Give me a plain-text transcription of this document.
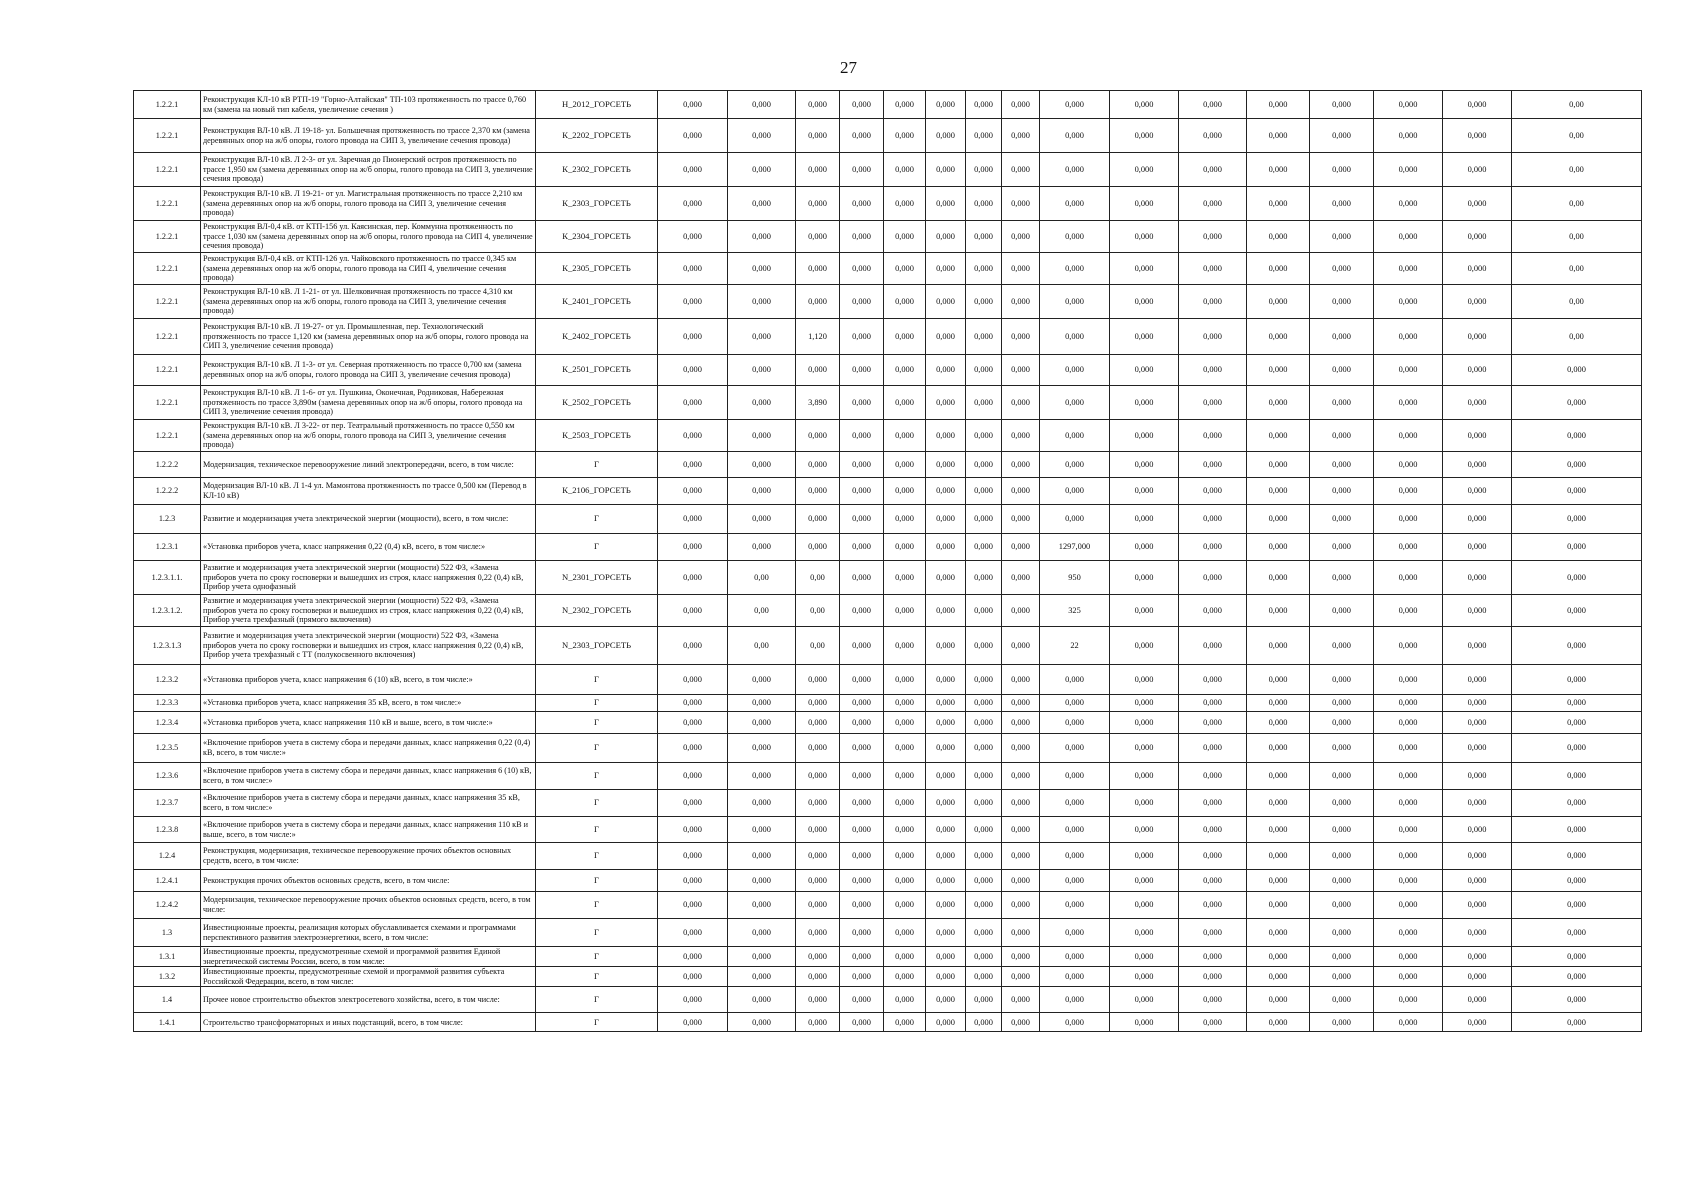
27
1.2.2.1	Реконструкция КЛ-10 кВ РТП-19 "Горно-Алтайская" ТП-103 протяженность по трассе 0,760 км (замена на новый тип кабеля, увеличение сечения )	Н_2012_ГОРСЕТЬ	0,000	0,000	0,000	0,000	0,000	0,000	0,000	0,000	0,000	0,000	0,000	0,000	0,000	0,000	0,000	0,00
1.2.2.1	Реконструкция ВЛ-10 кВ. Л 19-18- ул. Большечная протяженность по трассе 2,370 км (замена деревянных опор на ж/б опоры, голого провода на СИП 3, увеличение сечения провода)	К_2202_ГОРСЕТЬ	0,000	0,000	0,000	0,000	0,000	0,000	0,000	0,000	0,000	0,000	0,000	0,000	0,000	0,000	0,000	0,00
1.2.2.1	Реконструкция ВЛ-10 кВ. Л 2-3- от ул. Заречная до Пионерский остров протяженность по трассе 1,950 км (замена деревянных опор на ж/б опоры, голого провода на СИП 3, увеличение сечения провода)	К_2302_ГОРСЕТЬ	0,000	0,000	0,000	0,000	0,000	0,000	0,000	0,000	0,000	0,000	0,000	0,000	0,000	0,000	0,000	0,00
1.2.2.1	Реконструкция ВЛ-10 кВ. Л 19-21- от ул. Магистральная протяженность по трассе 2,210 км (замена деревянных опор на ж/б опоры, голого провода на СИП 3, увеличение сечения провода)	К_2303_ГОРСЕТЬ	0,000	0,000	0,000	0,000	0,000	0,000	0,000	0,000	0,000	0,000	0,000	0,000	0,000	0,000	0,000	0,00
1.2.2.1	Реконструкция ВЛ-0,4 кВ. от КТП-156 ул. Каясинская, пер. Коммунна протяженность по трассе 1,030 км (замена деревянных опор на ж/б опоры, голого провода на СИП 4, увеличение сечения провода)	К_2304_ГОРСЕТЬ	0,000	0,000	0,000	0,000	0,000	0,000	0,000	0,000	0,000	0,000	0,000	0,000	0,000	0,000	0,000	0,00
1.2.2.1	Реконструкция ВЛ-0,4 кВ. от КТП-126 ул. Чайковского протяженность по трассе 0,345 км (замена деревянных опор на ж/б опоры, голого провода на СИП 4, увеличение сечения провода)	К_2305_ГОРСЕТЬ	0,000	0,000	0,000	0,000	0,000	0,000	0,000	0,000	0,000	0,000	0,000	0,000	0,000	0,000	0,000	0,00
1.2.2.1	Реконструкция ВЛ-10 кВ. Л 1-21- от ул. Шелковичная протяженность по трассе 4,310 км (замена деревянных опор на ж/б опоры, голого провода на СИП 3, увеличение сечения провода)	К_2401_ГОРСЕТЬ	0,000	0,000	0,000	0,000	0,000	0,000	0,000	0,000	0,000	0,000	0,000	0,000	0,000	0,000	0,000	0,00
1.2.2.1	Реконструкция ВЛ-10 кВ. Л 19-27- от ул. Промышленная, пер. Технологический протяженность по трассе 1,120 км (замена деревянных опор на ж/б опоры, голого провода на СИП 3, увеличение сечения провода)	К_2402_ГОРСЕТЬ	0,000	0,000	1,120	0,000	0,000	0,000	0,000	0,000	0,000	0,000	0,000	0,000	0,000	0,000	0,000	0,00
1.2.2.1	Реконструкция ВЛ-10 кВ. Л 1-3- от ул. Северная протяженность по трассе 0,700 км (замена деревянных опор на ж/б опоры, голого провода на СИП 3, увеличение сечения провода)	К_2501_ГОРСЕТЬ	0,000	0,000	0,000	0,000	0,000	0,000	0,000	0,000	0,000	0,000	0,000	0,000	0,000	0,000	0,000	0,000
1.2.2.1	Реконструкция ВЛ-10 кВ. Л 1-6- от ул. Пушкина, Оконечная, Родниковая, Набережная протяженность по трассе 3,890м (замена деревянных опор на ж/б опоры, голого провода на СИП 3, увеличение сечения провода)	К_2502_ГОРСЕТЬ	0,000	0,000	3,890	0,000	0,000	0,000	0,000	0,000	0,000	0,000	0,000	0,000	0,000	0,000	0,000	0,000
1.2.2.1	Реконструкция ВЛ-10 кВ. Л 3-22- от пер. Театральный протяженность по трассе 0,550 км (замена деревянных опор на ж/б опоры, голого провода на СИП 3, увеличение сечения провода)	К_2503_ГОРСЕТЬ	0,000	0,000	0,000	0,000	0,000	0,000	0,000	0,000	0,000	0,000	0,000	0,000	0,000	0,000	0,000	0,000
1.2.2.2	Модернизация, техническое перевооружение линий электропередачи, всего, в том числе:	Г	0,000	0,000	0,000	0,000	0,000	0,000	0,000	0,000	0,000	0,000	0,000	0,000	0,000	0,000	0,000	0,000
1.2.2.2	Модернизация ВЛ-10 кВ. Л 1-4 ул. Мамонтова протяженность по трассе 0,500 км (Перевод в КЛ-10 кВ)	К_2106_ГОРСЕТЬ	0,000	0,000	0,000	0,000	0,000	0,000	0,000	0,000	0,000	0,000	0,000	0,000	0,000	0,000	0,000	0,000
1.2.3	Развитие и модернизация учета электрической энергии (мощности), всего, в том числе:	Г	0,000	0,000	0,000	0,000	0,000	0,000	0,000	0,000	0,000	0,000	0,000	0,000	0,000	0,000	0,000	0,000
1.2.3.1	«Установка приборов учета, класс напряжения 0,22 (0,4) кВ, всего, в том числе:»	Г	0,000	0,000	0,000	0,000	0,000	0,000	0,000	0,000	1297,000	0,000	0,000	0,000	0,000	0,000	0,000	0,000
1.2.3.1.1.	Развитие и модернизация учета электрической энергии (мощности) 522 ФЗ, «Замена приборов учета по сроку госповерки и вышедших из строя, класс напряжения 0,22 (0,4) кВ, Прибор учета однофазный	N_2301_ГОРСЕТЬ	0,000	0,00	0,00	0,000	0,000	0,000	0,000	0,000	950	0,000	0,000	0,000	0,000	0,000	0,000	0,000
1.2.3.1.2.	Развитие и модернизация учета электрической энергии (мощности) 522 ФЗ, «Замена приборов учета по сроку госповерки и вышедших из строя, класс напряжения 0,22 (0,4) кВ, Прибор учета трехфазный (прямого включения)	N_2302_ГОРСЕТЬ	0,000	0,00	0,00	0,000	0,000	0,000	0,000	0,000	325	0,000	0,000	0,000	0,000	0,000	0,000	0,000
1.2.3.1.3	Развитие и модернизация учета электрической энергии (мощности) 522 ФЗ, «Замена приборов учета по сроку госповерки и вышедших из строя, класс напряжения 0,22 (0,4) кВ, Прибор учета трехфазный с ТТ (полукосвенного включения)	N_2303_ГОРСЕТЬ	0,000	0,00	0,00	0,000	0,000	0,000	0,000	0,000	22	0,000	0,000	0,000	0,000	0,000	0,000	0,000
1.2.3.2	«Установка приборов учета, класс напряжения 6 (10) кВ, всего, в том числе:»	Г	0,000	0,000	0,000	0,000	0,000	0,000	0,000	0,000	0,000	0,000	0,000	0,000	0,000	0,000	0,000	0,000
1.2.3.3	«Установка приборов учета, класс напряжения 35 кВ, всего, в том числе:»	Г	0,000	0,000	0,000	0,000	0,000	0,000	0,000	0,000	0,000	0,000	0,000	0,000	0,000	0,000	0,000	0,000
1.2.3.4	«Установка приборов учета, класс напряжения 110 кВ и выше, всего, в том числе:»	Г	0,000	0,000	0,000	0,000	0,000	0,000	0,000	0,000	0,000	0,000	0,000	0,000	0,000	0,000	0,000	0,000
1.2.3.5	«Включение приборов учета в систему сбора и передачи данных, класс напряжения 0,22 (0,4) кВ, всего, в том числе:»	Г	0,000	0,000	0,000	0,000	0,000	0,000	0,000	0,000	0,000	0,000	0,000	0,000	0,000	0,000	0,000	0,000
1.2.3.6	«Включение приборов учета в систему сбора и передачи данных, класс напряжения 6 (10) кВ, всего, в том числе:»	Г	0,000	0,000	0,000	0,000	0,000	0,000	0,000	0,000	0,000	0,000	0,000	0,000	0,000	0,000	0,000	0,000
1.2.3.7	«Включение приборов учета в систему сбора и передачи данных, класс напряжения 35 кВ, всего, в том числе:»	Г	0,000	0,000	0,000	0,000	0,000	0,000	0,000	0,000	0,000	0,000	0,000	0,000	0,000	0,000	0,000	0,000
1.2.3.8	«Включение приборов учета в систему сбора и передачи данных, класс напряжения 110 кВ и выше, всего, в том числе:»	Г	0,000	0,000	0,000	0,000	0,000	0,000	0,000	0,000	0,000	0,000	0,000	0,000	0,000	0,000	0,000	0,000
1.2.4	Реконструкция, модернизация, техническое перевооружение прочих объектов основных средств, всего, в том числе:	Г	0,000	0,000	0,000	0,000	0,000	0,000	0,000	0,000	0,000	0,000	0,000	0,000	0,000	0,000	0,000	0,000
1.2.4.1	Реконструкция прочих объектов основных средств, всего, в том числе:	Г	0,000	0,000	0,000	0,000	0,000	0,000	0,000	0,000	0,000	0,000	0,000	0,000	0,000	0,000	0,000	0,000
1.2.4.2	Модернизация, техническое перевооружение прочих объектов основных средств, всего, в том числе:	Г	0,000	0,000	0,000	0,000	0,000	0,000	0,000	0,000	0,000	0,000	0,000	0,000	0,000	0,000	0,000	0,000
1.3	Инвестиционные проекты, реализация которых обуславливается схемами и программами перспективного развития электроэнергетики, всего, в том числе:	Г	0,000	0,000	0,000	0,000	0,000	0,000	0,000	0,000	0,000	0,000	0,000	0,000	0,000	0,000	0,000	0,000
1.3.1	Инвестиционные проекты, предусмотренные схемой и программой развития Единой энергетической системы России, всего, в том числе:	Г	0,000	0,000	0,000	0,000	0,000	0,000	0,000	0,000	0,000	0,000	0,000	0,000	0,000	0,000	0,000	0,000
1.3.2	Инвестиционные проекты, предусмотренные схемой и программой развития субъекта Российской Федерации, всего, в том числе:	Г	0,000	0,000	0,000	0,000	0,000	0,000	0,000	0,000	0,000	0,000	0,000	0,000	0,000	0,000	0,000	0,000
1.4	Прочее новое строительство объектов электросетевого хозяйства, всего, в том числе:	Г	0,000	0,000	0,000	0,000	0,000	0,000	0,000	0,000	0,000	0,000	0,000	0,000	0,000	0,000	0,000	0,000
1.4.1	Строительство трансформаторных и иных подстанций, всего, в том числе:	Г	0,000	0,000	0,000	0,000	0,000	0,000	0,000	0,000	0,000	0,000	0,000	0,000	0,000	0,000	0,000	0,000
